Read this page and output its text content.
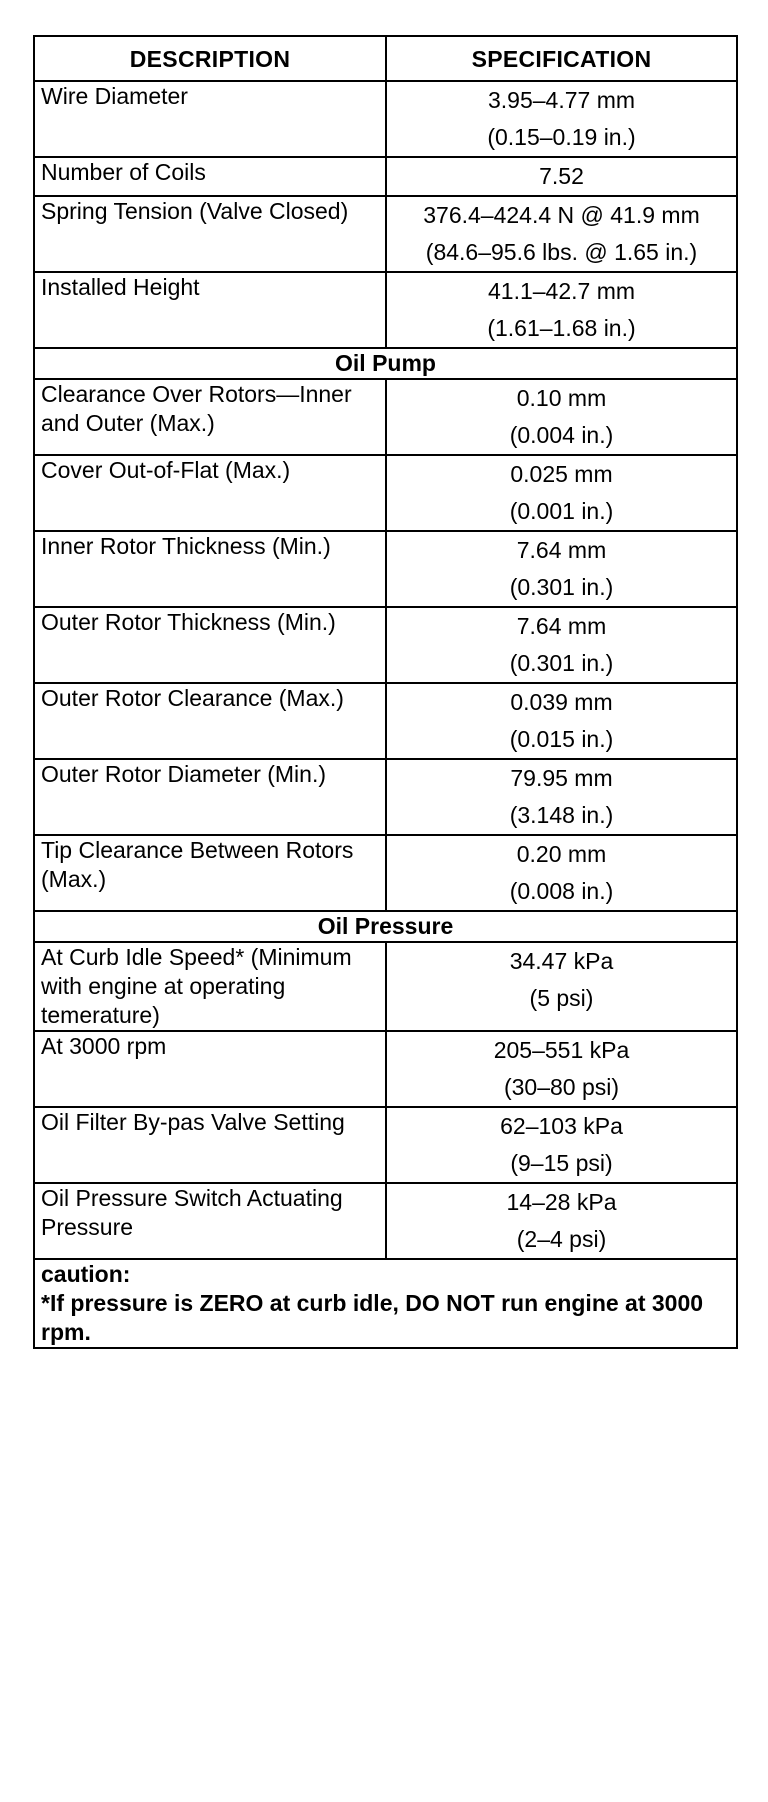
DESCRIPTION	SPECIFICATION
Wire Diameter	3.95–4.77 mm
(0.15–0.19 in.)

Number of Coils	7.52

Spring Tension (Valve Closed)	376.4–424.4 N @ 41.9 mm
(84.6–95.6 lbs. @ 1.65 in.)

Installed Height	41.1–42.7 mm
(1.61–1.68 in.)

Oil Pump	
Clearance Over Rotors—Inner and Outer (Max.)	0.10 mm
(0.004 in.)

Cover Out-of-Flat (Max.)	0.025 mm
(0.001 in.)

Inner Rotor Thickness (Min.)	7.64 mm
(0.301 in.)

Outer Rotor Thickness (Min.)	7.64 mm
(0.301 in.)

Outer Rotor Clearance (Max.)	0.039 mm
(0.015 in.)

Outer Rotor Diameter (Min.)	79.95 mm
(3.148 in.)

Tip Clearance Between Rotors (Max.)	0.20 mm
(0.008 in.)

Oil Pressure	
At Curb Idle Speed* (Minimum with engine at operating temerature)	34.47 kPa
(5 psi)

At 3000 rpm	205–551 kPa
(30–80 psi)

Oil Filter By-pas Valve Setting	62–103 kPa
(9–15 psi)

Oil Pressure Switch Actuating Pressure	14–28 kPa
(2–4 psi)

caution:
*If pressure is ZERO at curb idle, DO NOT run engine at 3000 rpm.	
